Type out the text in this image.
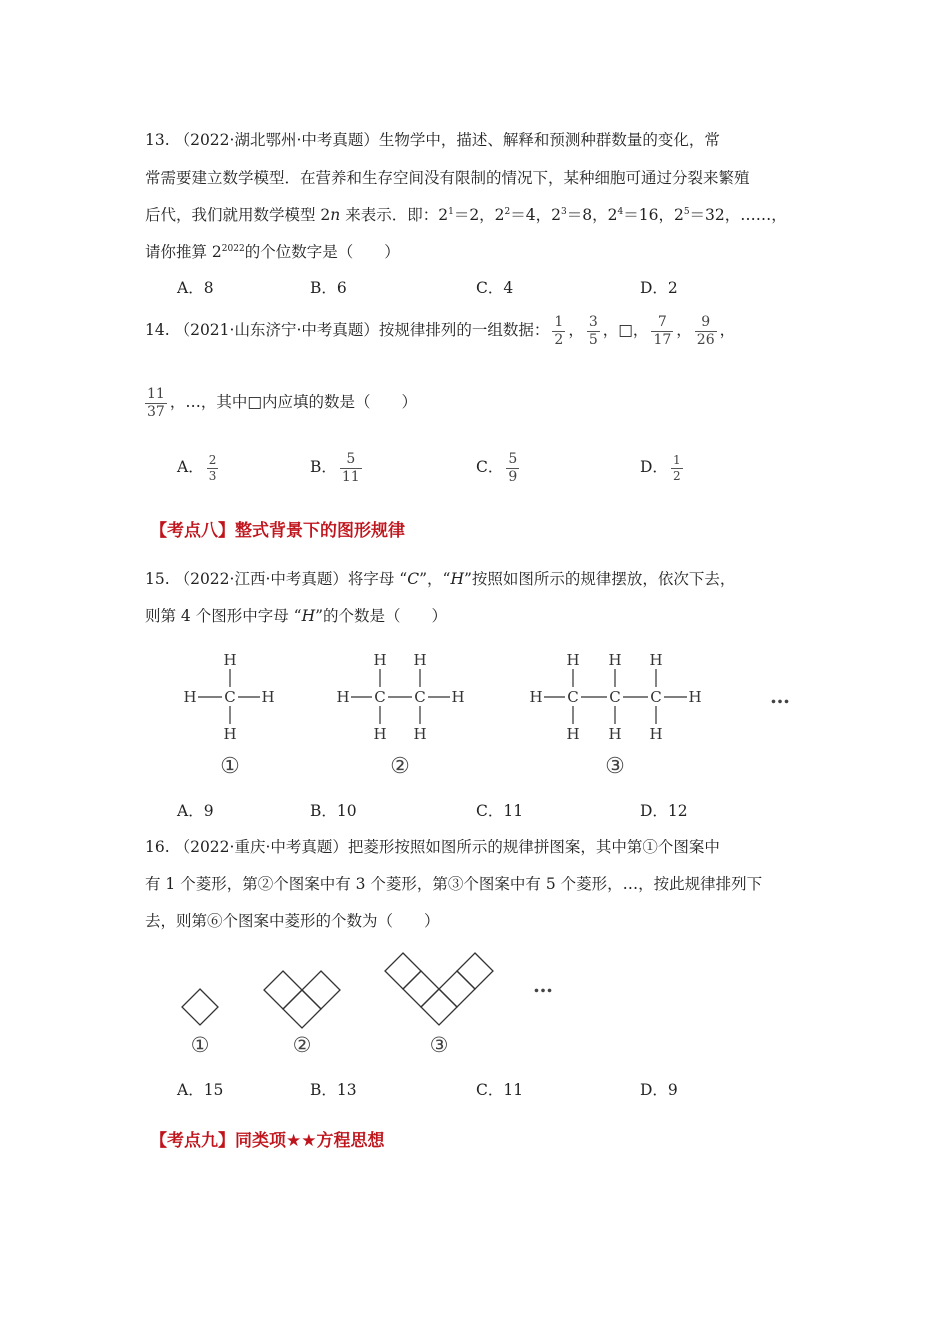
13. （2022·湖北鄂州·中考真题）生物学中，描述、解释和预测种群数量的变化，常
常需要建立数学模型．在营养和生存空间没有限制的情况下，某种细胞可通过分裂来繁殖
后代，我们就用数学模型 2n 来表示．即：$2^1=2$，$2^2=4$，$2^3=8$，$2^4=16$，$2^5=32$，……，
请你推算 $2^{2022}$的个位数字是（　　）
A．8	B．6	C．4	D．2
14. （2021·山东济宁·中考真题）按规律排列的一组数据： $\frac{1}{2}$ ， $\frac{3}{5}$ ，□， $\frac{7}{17}$ ， $\frac{9}{26}$ ，
$\frac{11}{37}$ ，…，其中□内应填的数是（　　）
A． $\frac{2}{3}$	B． $\frac{5}{11}$	C． $\frac{5}{9}$	D． $\frac{1}{2}$
【考点八】整式背景下的图形规律
15. （2022·江西·中考真题）将字母 “C”，“H”按照如图所示的规律摆放，依次下去，
则第 4 个图形中字母 “H”的个数是（　　）
H
H C H
H
H H
H C C H
H H
H H H
H C C C H
H H H
①	②	③
…
A．9	B．10	C．11	D．12
16. （2022·重庆·中考真题）把菱形按照如图所示的规律拼图案，其中第①个图案中
有 1 个菱形，第②个图案中有 3 个菱形，第③个图案中有 5 个菱形，…，按此规律排列下
去，则第⑥个图案中菱形的个数为（　　）
①	②	③
…
A．15	B．13	C．11	D．9
【考点九】同类项★★方程思想
